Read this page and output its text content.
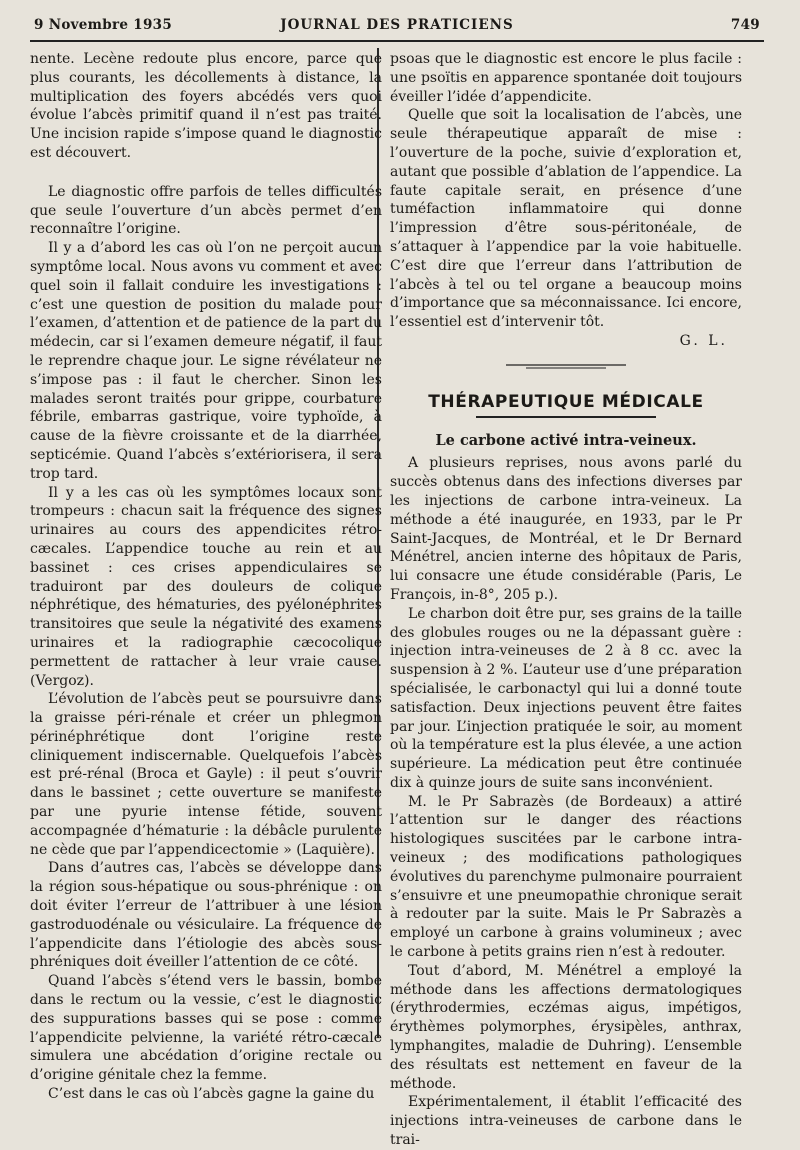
9 Novembre 1935	JOURNAL DES PRATICIENS	749

nente. Lecène redoute plus encore, parce que plus courants, les décollements à distance, la multiplication des foyers abcédés vers quoi évolue l’abcès primitif quand il n’est pas traité. Une incision rapide s’impose quand le diagnostic est découvert.

Le diagnostic offre parfois de telles difficultés que seule l’ouverture d’un abcès permet d’en reconnaître l’origine.

Il y a d’abord les cas où l’on ne perçoit aucun symptôme local. Nous avons vu comment et avec quel soin il fallait conduire les investigations : c’est une question de position du malade pour l’examen, d’attention et de patience de la part du médecin, car si l’examen demeure négatif, il faut le reprendre chaque jour. Le signe révélateur ne s’impose pas : il faut le chercher. Sinon les malades seront traités pour grippe, courbature fébrile, embarras gastrique, voire typhoïde, à cause de la fièvre croissante et de la diarrhée, septicémie. Quand l’abcès s’extériorisera, il sera trop tard.

Il y a les cas où les symptômes locaux sont trompeurs : chacun sait la fréquence des signes urinaires au cours des appendicites rétro-cæcales. L’appendice touche au rein et au bassinet : ces crises appendiculaires se traduiront par des douleurs de colique néphrétique, des hématuries, des pyélonéphrites transitoires que seule la négativité des examens urinaires et la radiographie cæcocolique permettent de rattacher à leur vraie cause. (Vergoz).

L’évolution de l’abcès peut se poursuivre dans la graisse péri-rénale et créer un phlegmon périnéphrétique dont l’origine reste cliniquement indiscernable. Quelquefois l’abcès est pré-rénal (Broca et Gayle) : il peut s’ouvrir dans le bassinet ; cette ouverture se manifeste par une pyurie intense fétide, souvent accompagnée d’hématurie : la débâcle purulente ne cède que par l’appendicectomie » (Laquière).

Dans d’autres cas, l’abcès se développe dans la région sous-hépatique ou sous-phrénique : on doit éviter l’erreur de l’attribuer à une lésion gastroduodénale ou vésiculaire. La fréquence de l’appendicite dans l’étiologie des abcès sous-phréniques doit éveiller l’attention de ce côté.

Quand l’abcès s’étend vers le bassin, bombe dans le rectum ou la vessie, c’est le diagnostic des suppurations basses qui se pose : comme l’appendicite pelvienne, la variété rétro-cæcale simulera une abcédation d’origine rectale ou d’origine génitale chez la femme.

C’est dans le cas où l’abcès gagne la gaine du

psoas que le diagnostic est encore le plus facile : une psoïtis en apparence spontanée doit toujours éveiller l’idée d’appendicite.

Quelle que soit la localisation de l’abcès, une seule thérapeutique apparaît de mise : l’ouverture de la poche, suivie d’exploration et, autant que possible d’ablation de l’appendice. La faute capitale serait, en présence d’une tuméfaction inflammatoire qui donne l’impression d’être sous-péritonéale, de s’attaquer à l’appendice par la voie habituelle. C’est dire que l’erreur dans l’attribution de l’abcès à tel ou tel organe a beaucoup moins d’importance que sa méconnaissance. Ici encore, l’essentiel est d’intervenir tôt.

G. L.
THÉRAPEUTIQUE MÉDICALE
Le carbone activé intra-veineux.

A plusieurs reprises, nous avons parlé du succès obtenus dans des infections diverses par les injections de carbone intra-veineux. La méthode a été inaugurée, en 1933, par le Pr Saint-Jacques, de Montréal, et le Dr Bernard Ménétrel, ancien interne des hôpitaux de Paris, lui consacre une étude considérable (Paris, Le François, in-8°, 205 p.).

Le charbon doit être pur, ses grains de la taille des globules rouges ou ne la dépassant guère : injection intra-veineuses de 2 à 8 cc. avec la suspension à 2 %. L’auteur use d’une préparation spécialisée, le carbonactyl qui lui a donné toute satisfaction. Deux injections peuvent être faites par jour. L’injection pratiquée le soir, au moment où la température est la plus élevée, a une action supérieure. La médication peut être continuée dix à quinze jours de suite sans inconvénient.

M. le Pr Sabrazès (de Bordeaux) a attiré l’attention sur le danger des réactions histologiques suscitées par le carbone intra-veineux ; des modifications pathologiques évolutives du parenchyme pulmonaire pourraient s’ensuivre et une pneumopathie chronique serait à redouter par la suite. Mais le Pr Sabrazès a employé un carbone à grains volumineux ; avec le carbone à petits grains rien n’est à redouter.

Tout d’abord, M. Ménétrel a employé la méthode dans les affections dermatologiques (érythrodermies, eczémas aigus, impétigos, érythèmes polymorphes, érysipèles, anthrax, lymphangites, maladie de Duhring). L’ensemble des résultats est nettement en faveur de la méthode.

Expérimentalement, il établit l’efficacité des injections intra-veineuses de carbone dans le trai-
